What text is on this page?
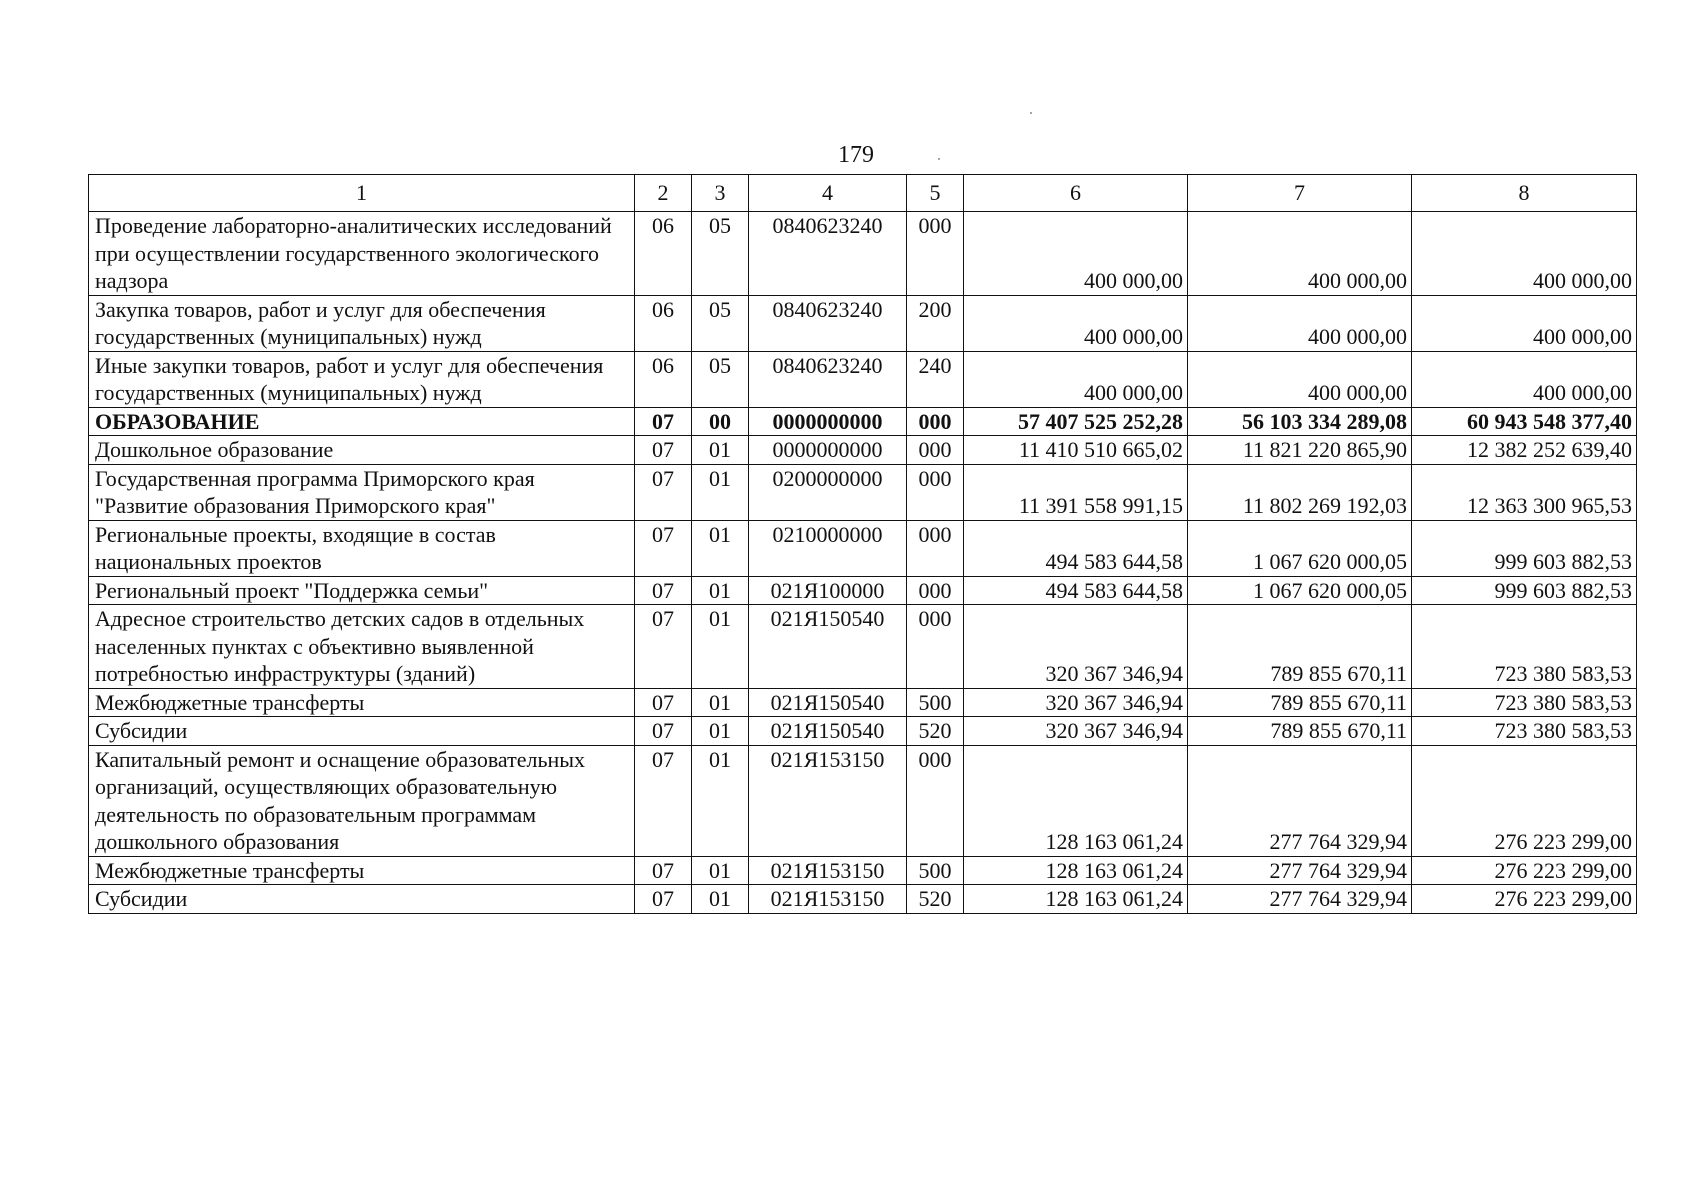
179
1	2	3	4	5	6	7	8
Проведение лабораторно-аналитических исследований при осуществлении государственного экологического надзора	06	05	0840623240	000	400 000,00	400 000,00	400 000,00
Закупка товаров, работ и услуг для обеспечения государственных (муниципальных) нужд	06	05	0840623240	200	400 000,00	400 000,00	400 000,00
Иные закупки товаров, работ и услуг для обеспечения государственных (муниципальных) нужд	06	05	0840623240	240	400 000,00	400 000,00	400 000,00
ОБРАЗОВАНИЕ	07	00	0000000000	000	57 407 525 252,28	56 103 334 289,08	60 943 548 377,40
Дошкольное образование	07	01	0000000000	000	11 410 510 665,02	11 821 220 865,90	12 382 252 639,40
Государственная программа Приморского края "Развитие образования Приморского края"	07	01	0200000000	000	11 391 558 991,15	11 802 269 192,03	12 363 300 965,53
Региональные проекты, входящие в состав национальных проектов	07	01	0210000000	000	494 583 644,58	1 067 620 000,05	999 603 882,53
Региональный проект "Поддержка семьи"	07	01	021Я100000	000	494 583 644,58	1 067 620 000,05	999 603 882,53
Адресное строительство детских садов в отдельных населенных пунктах с объективно выявленной потребностью инфраструктуры (зданий)	07	01	021Я150540	000	320 367 346,94	789 855 670,11	723 380 583,53
Межбюджетные трансферты	07	01	021Я150540	500	320 367 346,94	789 855 670,11	723 380 583,53
Субсидии	07	01	021Я150540	520	320 367 346,94	789 855 670,11	723 380 583,53
Капитальный ремонт и оснащение образовательных организаций, осуществляющих образовательную деятельность по образовательным программам дошкольного образования	07	01	021Я153150	000	128 163 061,24	277 764 329,94	276 223 299,00
Межбюджетные трансферты	07	01	021Я153150	500	128 163 061,24	277 764 329,94	276 223 299,00
Субсидии	07	01	021Я153150	520	128 163 061,24	277 764 329,94	276 223 299,00
